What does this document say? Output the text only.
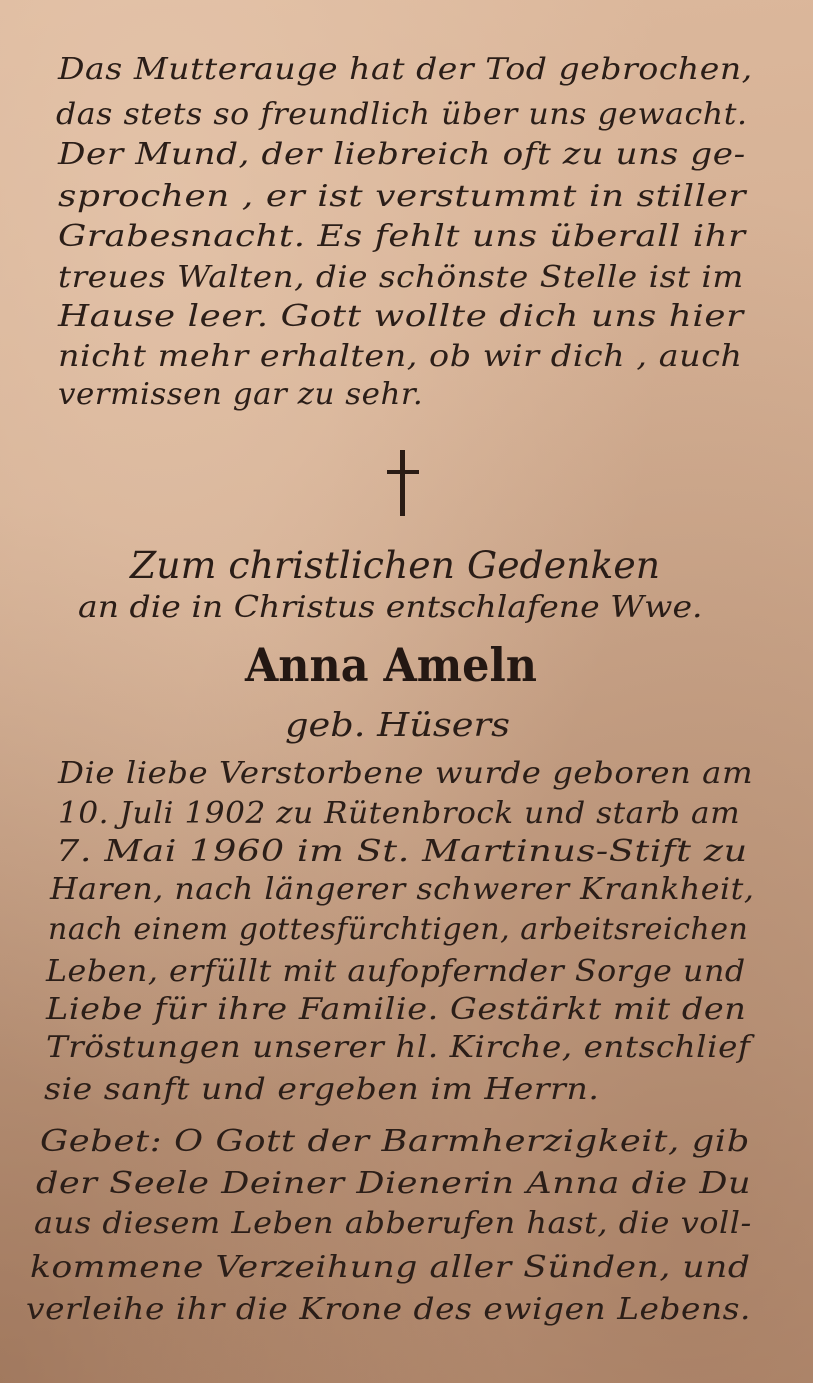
Das Mutterauge hat der Tod gebrochen,
das stets so freundlich über uns gewacht.
Der Mund, der liebreich oft zu uns ge-
sprochen , er ist verstummt in stiller
Grabesnacht. Es fehlt uns überall ihr
treues Walten, die schönste Stelle ist im
Hause leer. Gott wollte dich uns hier
nicht mehr erhalten, ob wir dich , auch
vermissen gar zu sehr.
Zum christlichen Gedenken
an die in Christus entschlafene Wwe.
Anna Ameln
geb. Hüsers
Die liebe Verstorbene wurde geboren am
10. Juli 1902 zu Rütenbrock und starb am
7. Mai 1960 im St. Martinus-Stift zu
Haren, nach längerer schwerer Krankheit,
nach einem gottesfürchtigen, arbeitsreichen
Leben, erfüllt mit aufopfernder Sorge und
Liebe für ihre Familie. Gestärkt mit den
Tröstungen unserer hl. Kirche, entschlief
sie sanft und ergeben im Herrn.
Gebet: O Gott der Barmherzigkeit, gib
der Seele Deiner Dienerin Anna die Du
aus diesem Leben abberufen hast, die voll-
kommene Verzeihung aller Sünden, und
verleihe ihr die Krone des ewigen Lebens.
